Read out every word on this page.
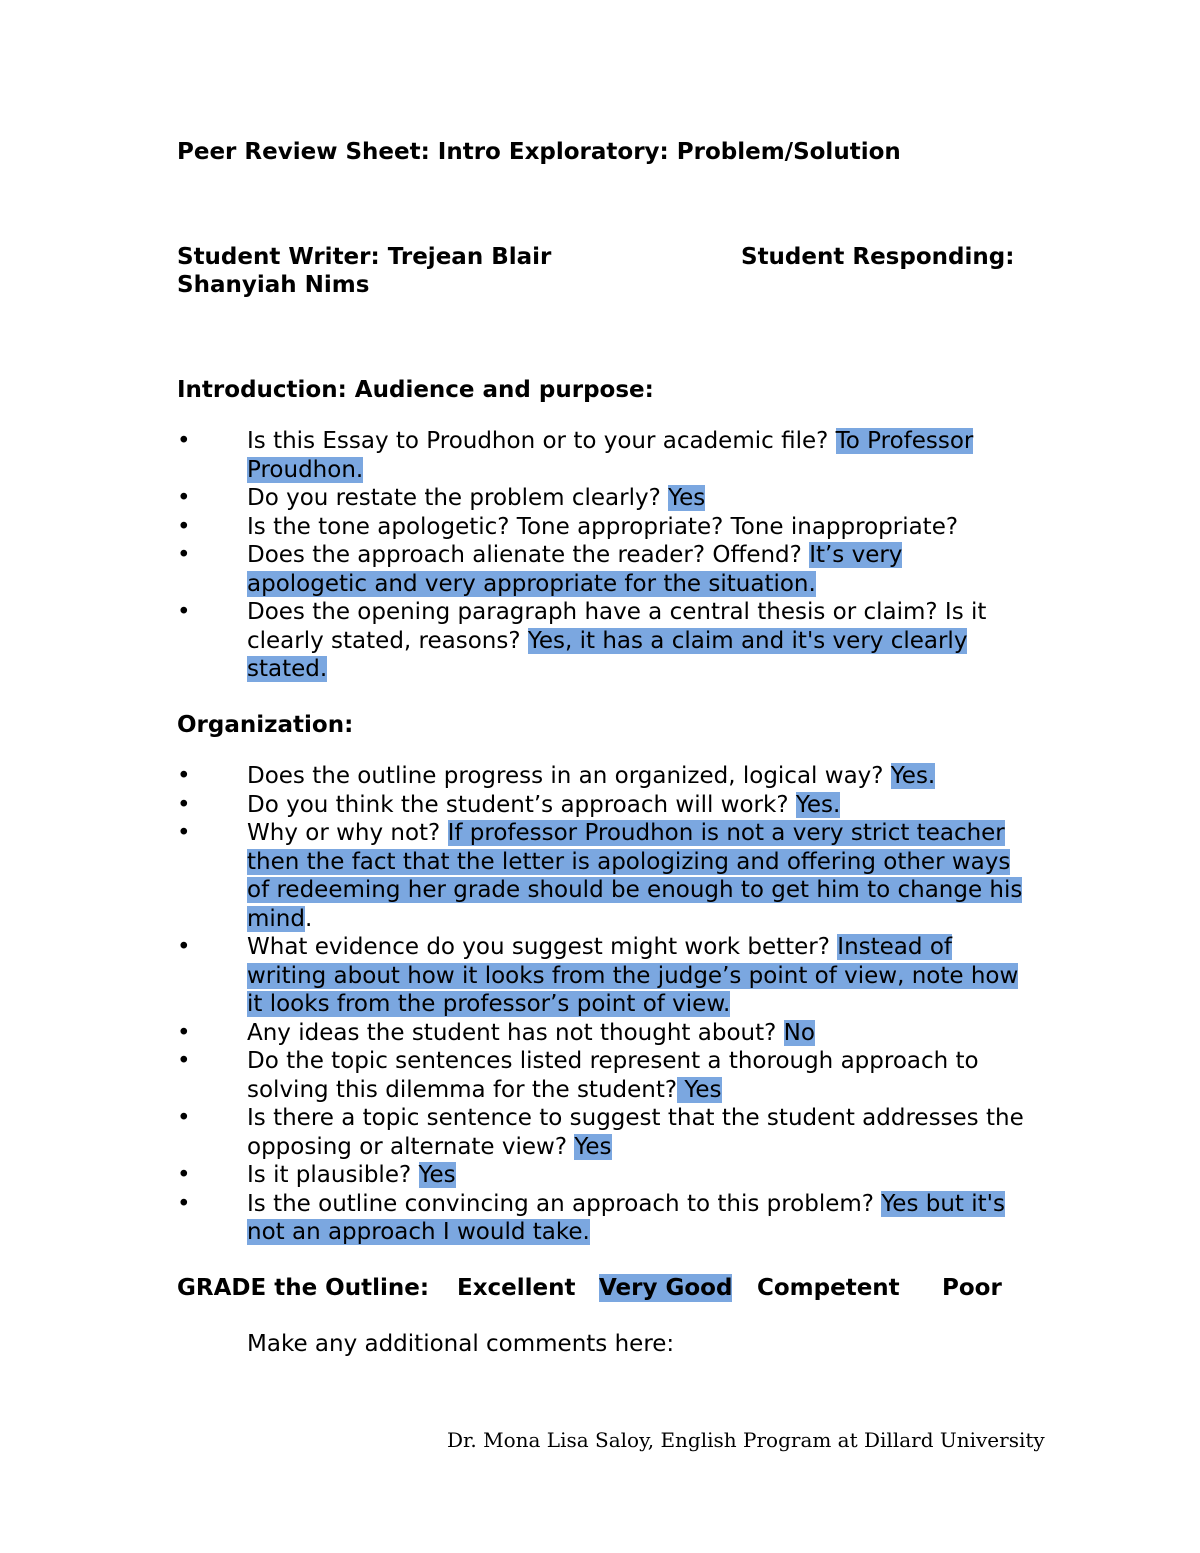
Peer Review Sheet: Intro Exploratory: Problem/Solution
Student Writer: Trejean Blair	Student Responding:
Shanyiah Nims
Introduction: Audience and purpose:
• Is this Essay to Proudhon or to your academic file? To Professor Proudhon.
• Do you restate the problem clearly? Yes
• Is the tone apologetic? Tone appropriate? Tone inappropriate?
• Does the approach alienate the reader? Offend? It’s very apologetic and very appropriate for the situation.
• Does the opening paragraph have a central thesis or claim? Is it clearly stated, reasons? Yes, it has a claim and it's very clearly stated.
Organization:
• Does the outline progress in an organized, logical way? Yes.
• Do you think the student’s approach will work? Yes.
• Why or why not? If professor Proudhon is not a very strict teacher then the fact that the letter is apologizing and offering other ways of redeeming her grade should be enough to get him to change his mind.
• What evidence do you suggest might work better? Instead of writing about how it looks from the judge’s point of view, note how it looks from the professor’s point of view.
• Any ideas the student has not thought about? No
• Do the topic sentences listed represent a thorough approach to solving this dilemma for the student? Yes
• Is there a topic sentence to suggest that the student addresses the opposing or alternate view? Yes
• Is it plausible? Yes
• Is the outline convincing an approach to this problem? Yes but it's not an approach I would take.
GRADE the Outline: Excellent Very Good Competent Poor
Make any additional comments here:
Dr. Mona Lisa Saloy, English Program at Dillard University
